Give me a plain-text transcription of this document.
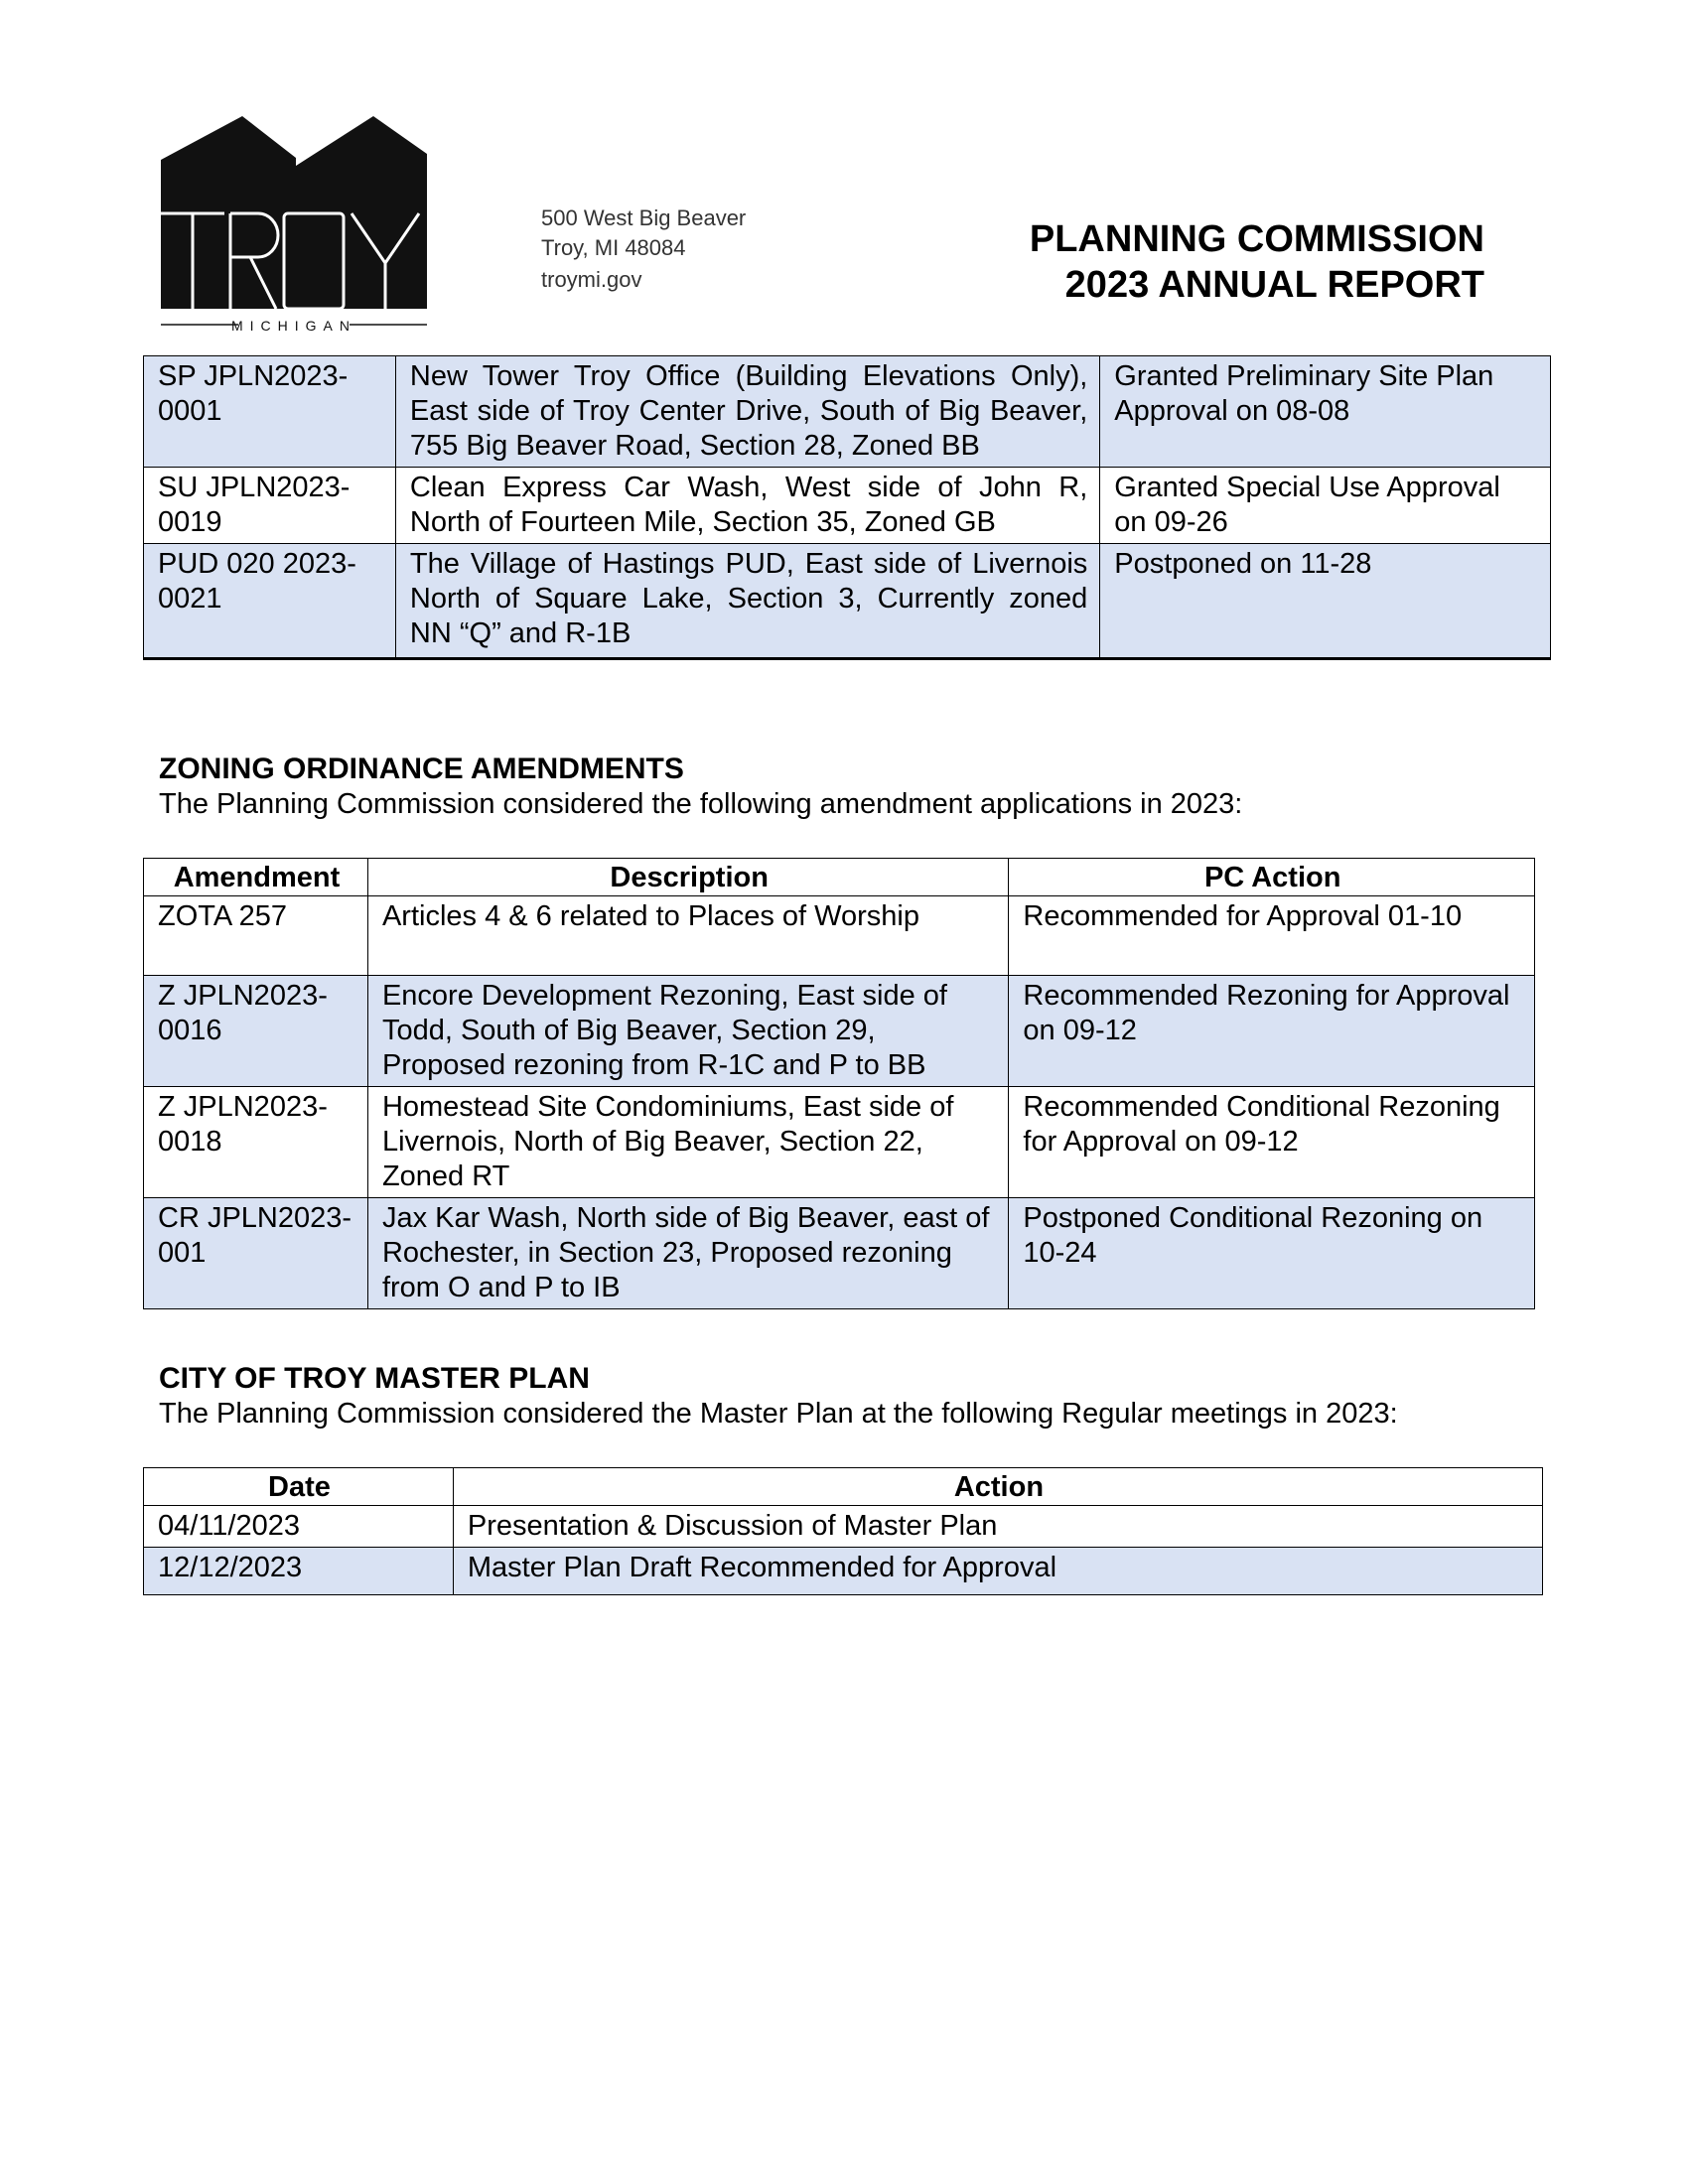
MICHIGAN
500 West Big Beaver
Troy, MI 48084
troymi.gov
PLANNING COMMISSION
2023 ANNUAL REPORT
SP JPLN2023-0001	New Tower Troy Office (Building Elevations Only), East side of Troy Center Drive, South of Big Beaver, 755 Big Beaver Road, Section 28, Zoned BB	Granted Preliminary Site Plan Approval on 08-08
SU JPLN2023-0019	Clean Express Car Wash, West side of John R, North of Fourteen Mile, Section 35, Zoned GB	Granted Special Use Approval on 09-26
PUD 020 2023-0021	The Village of Hastings PUD, East side of Livernois North of Square Lake, Section 3, Currently zoned NN “Q” and R-1B	Postponed on 11-28
ZONING ORDINANCE AMENDMENTS
The Planning Commission considered the following amendment applications in 2023:
Amendment	Description	PC Action
ZOTA 257	Articles 4 & 6 related to Places of Worship	Recommended for Approval 01-10
Z JPLN2023-0016	Encore Development Rezoning, East side of Todd, South of Big Beaver, Section 29, Proposed rezoning from R-1C and P to BB	Recommended Rezoning for Approval on 09-12
Z JPLN2023-0018	Homestead Site Condominiums, East side of Livernois, North of Big Beaver, Section 22, Zoned RT	Recommended Conditional Rezoning for Approval on 09-12
CR JPLN2023-001	Jax Kar Wash, North side of Big Beaver, east of Rochester, in Section 23, Proposed rezoning from O and P to IB	Postponed Conditional Rezoning on 10-24
CITY OF TROY MASTER PLAN
The Planning Commission considered the Master Plan at the following Regular meetings in 2023:
Date	Action
04/11/2023	Presentation & Discussion of Master Plan
12/12/2023	Master Plan Draft Recommended for Approval
